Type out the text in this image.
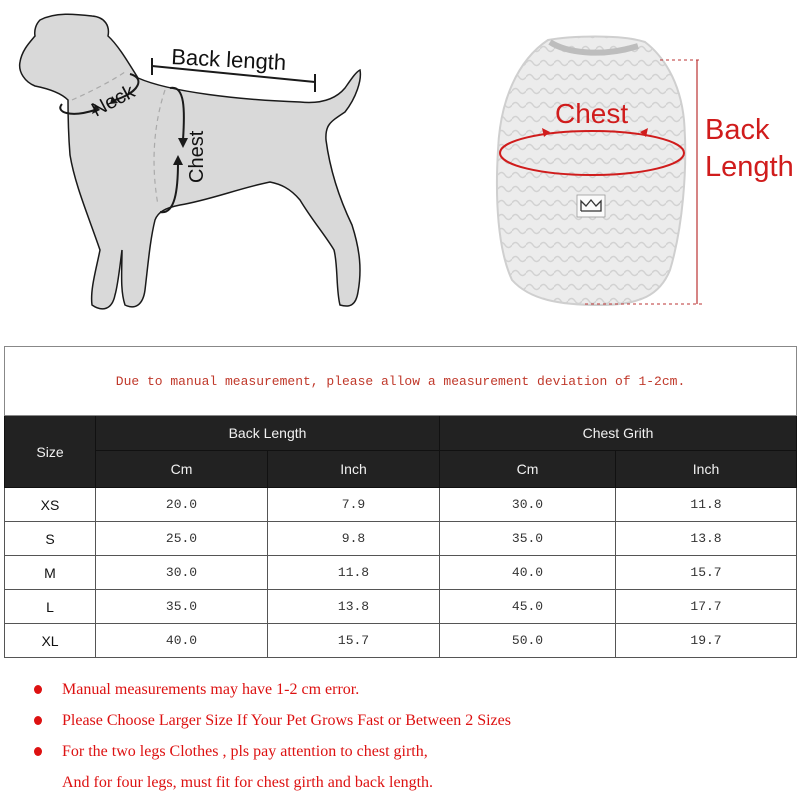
Back length
Neck
Chest
Chest
Back
Length
Due to manual measurement, please allow a measurement deviation of 1-2cm.				
Size	Back Length		Chest Grith	
	Cm	Inch	Cm	Inch
XS	20.0	7.9	30.0	11.8
S	25.0	9.8	35.0	13.8
M	30.0	11.8	40.0	15.7
L	35.0	13.8	45.0	17.7
XL	40.0	15.7	50.0	19.7
Manual measurements may have 1-2 cm error.
Please Choose Larger Size If Your Pet Grows Fast or Between 2 Sizes
For the two legs Clothes , pls pay attention to chest girth,
And for four legs, must fit for chest girth and back length.
